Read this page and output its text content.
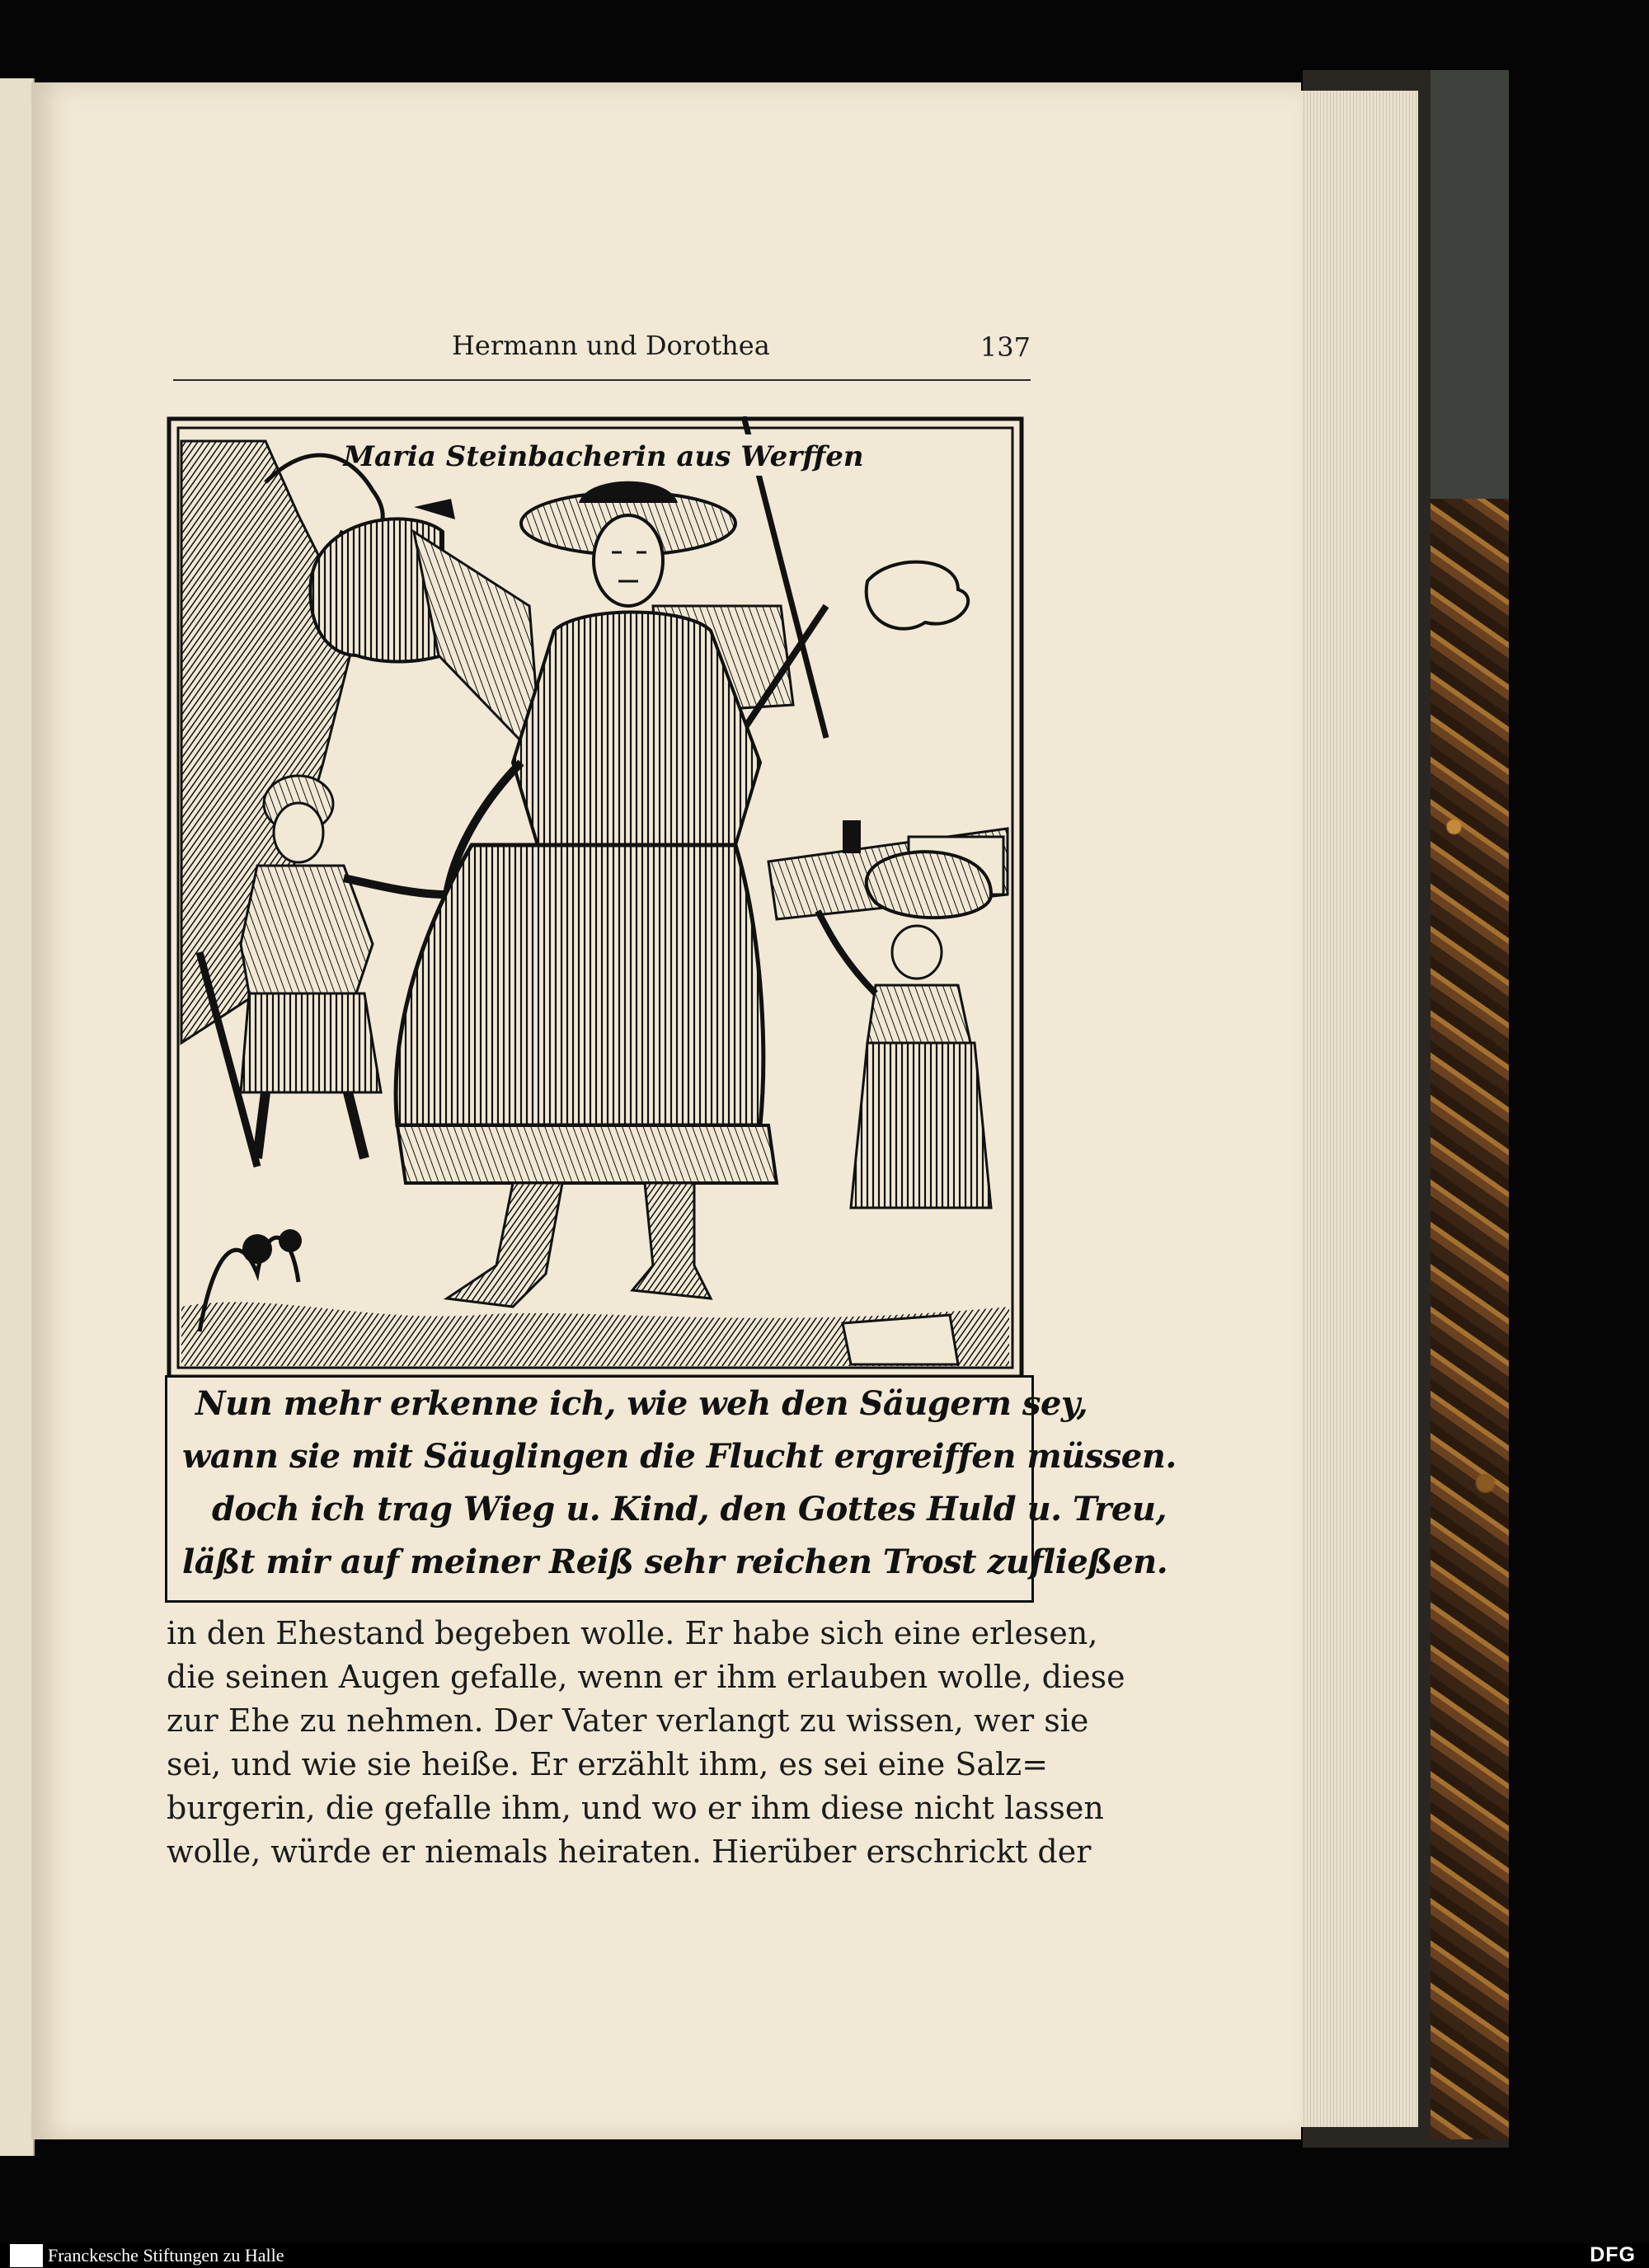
Hermann und Dorothea	137
Maria Steinbacherin aus Werffen
Nun mehr erkenne ich, wie weh den Säugern sey,
wann sie mit Säuglingen die Flucht ergreiffen müssen.
doch ich trag Wieg u. Kind, den Gottes Huld u. Treu,
läßt mir auf meiner Reiß sehr reichen Trost zufließen.
in den Ehestand begeben wolle. Er habe sich eine erlesen,
die seinen Augen gefalle, wenn er ihm erlauben wolle, diese
zur Ehe zu nehmen. Der Vater verlangt zu wissen, wer sie
sei, und wie sie heiße. Er erzählt ihm, es sei eine Salz=
burgerin, die gefalle ihm, und wo er ihm diese nicht lassen
wolle, würde er niemals heiraten. Hierüber erschrickt der
Franckesche Stiftungen zu Halle	DFG
